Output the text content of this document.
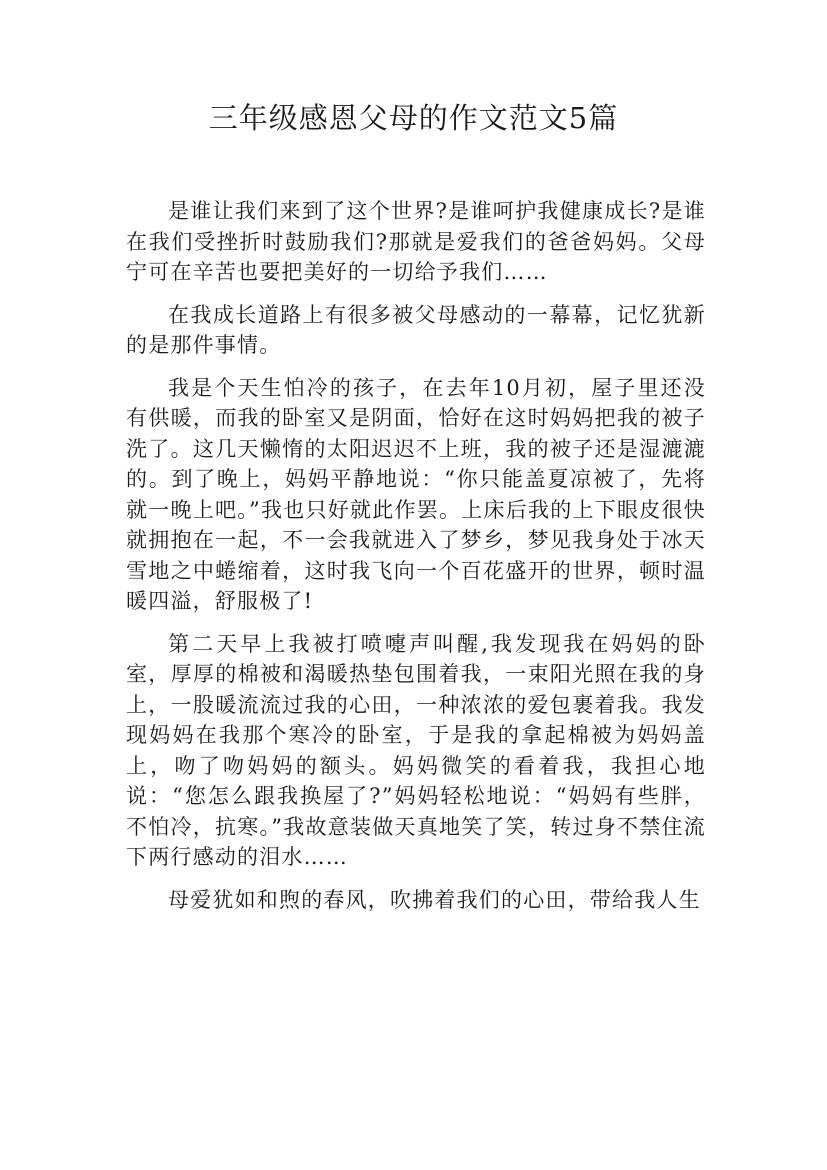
三年级感恩父母的作文范文5篇

是谁让我们来到了这个世界?是谁呵护我健康成长?是谁在我们受挫折时鼓励我们?那就是爱我们的爸爸妈妈。父母宁可在辛苦也要把美好的一切给予我们……

在我成长道路上有很多被父母感动的一幕幕，记忆犹新的是那件事情。

我是个天生怕冷的孩子，在去年10月初，屋子里还没有供暖，而我的卧室又是阴面，恰好在这时妈妈把我的被子洗了。这几天懒惰的太阳迟迟不上班，我的被子还是湿漉漉的。到了晚上，妈妈平静地说：“你只能盖夏凉被了，先将就一晚上吧。”我也只好就此作罢。上床后我的上下眼皮很快就拥抱在一起，不一会我就进入了梦乡，梦见我身处于冰天雪地之中蜷缩着，这时我飞向一个百花盛开的世界，顿时温暖四溢，舒服极了!

第二天早上我被打喷嚏声叫醒,我发现我在妈妈的卧室，厚厚的棉被和渴暖热垫包围着我，一束阳光照在我的身上，一股暖流流过我的心田，一种浓浓的爱包裹着我。我发现妈妈在我那个寒冷的卧室，于是我的拿起棉被为妈妈盖上，吻了吻妈妈的额头。妈妈微笑的看着我，我担心地说：“您怎么跟我换屋了?”妈妈轻松地说：“妈妈有些胖，不怕冷，抗寒。”我故意装做天真地笑了笑，转过身不禁住流下两行感动的泪水……

母爱犹如和煦的春风，吹拂着我们的心田，带给我人生
